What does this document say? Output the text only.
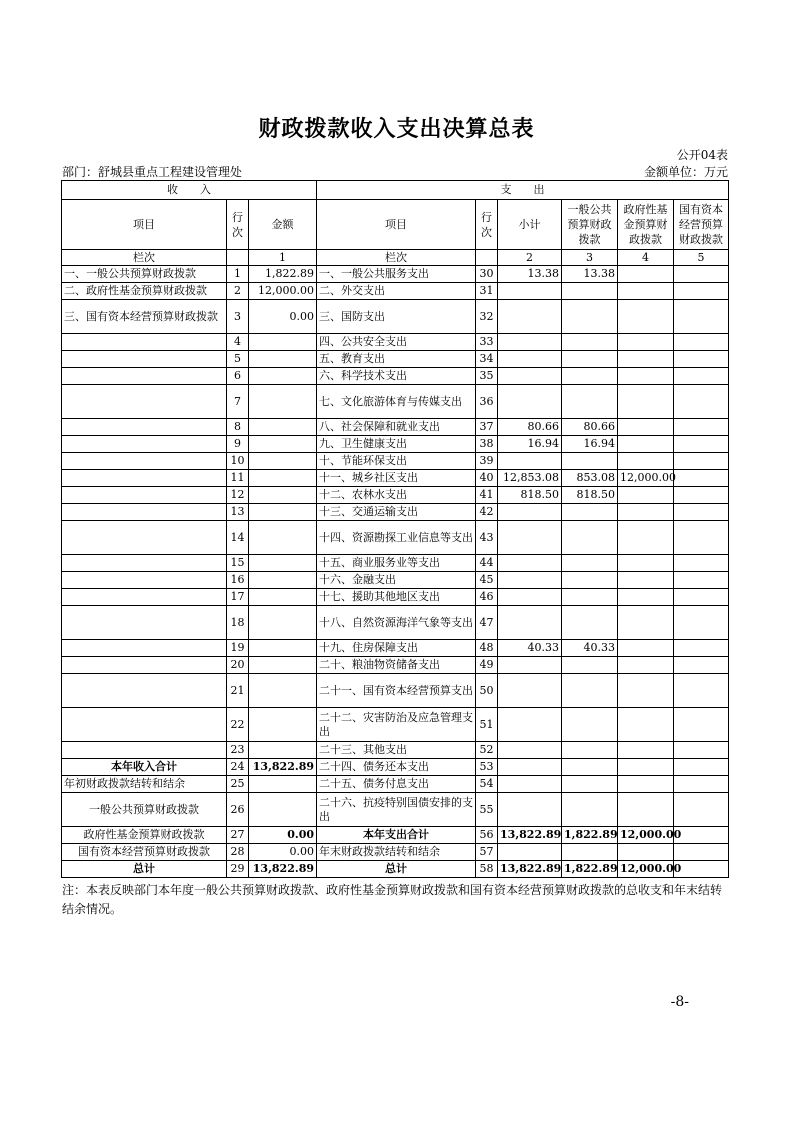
财政拨款收入支出决算总表
公开04表
部门：舒城县重点工程建设管理处	金额单位：万元
收　　入			支　　出					
项目	行次	金额	项目	行次	小计	一般公共预算财政拨款	政府性基金预算财政拨款	国有资本经营预算财政拨款
栏次		1	栏次		2	3	4	5
一、一般公共预算财政拨款	1	1,822.89	一、一般公共服务支出	30	13.38	13.38		
二、政府性基金预算财政拨款	2	12,000.00	二、外交支出	31				
三、国有资本经营预算财政拨款	3	0.00	三、国防支出	32				
	4		四、公共安全支出	33				
	5		五、教育支出	34				
	6		六、科学技术支出	35				
	7		七、文化旅游体育与传媒支出	36				
	8		八、社会保障和就业支出	37	80.66	80.66		
	9		九、卫生健康支出	38	16.94	16.94		
	10		十、节能环保支出	39				
	11		十一、城乡社区支出	40	12,853.08	853.08	12,000.00	
	12		十二、农林水支出	41	818.50	818.50		
	13		十三、交通运输支出	42				
	14		十四、资源勘探工业信息等支出	43				
	15		十五、商业服务业等支出	44				
	16		十六、金融支出	45				
	17		十七、援助其他地区支出	46				
	18		十八、自然资源海洋气象等支出	47				
	19		十九、住房保障支出	48	40.33	40.33		
	20		二十、粮油物资储备支出	49				
	21		二十一、国有资本经营预算支出	50				
	22		二十二、灾害防治及应急管理支出	51				
	23		二十三、其他支出	52				
本年收入合计	24	13,822.89	二十四、债务还本支出	53				
年初财政拨款结转和结余	25		二十五、债务付息支出	54				
一般公共预算财政拨款	26		二十六、抗疫特别国债安排的支出	55				
政府性基金预算财政拨款	27	0.00	本年支出合计	56	13,822.89	1,822.89	12,000.00	
国有资本经营预算财政拨款	28	0.00	年末财政拨款结转和结余	57				
总计	29	13,822.89	总计	58	13,822.89	1,822.89	12,000.00	
注：本表反映部门本年度一般公共预算财政拨款、政府性基金预算财政拨款和国有资本经营预算财政拨款的总收支和年末结转结余情况。
-8-
